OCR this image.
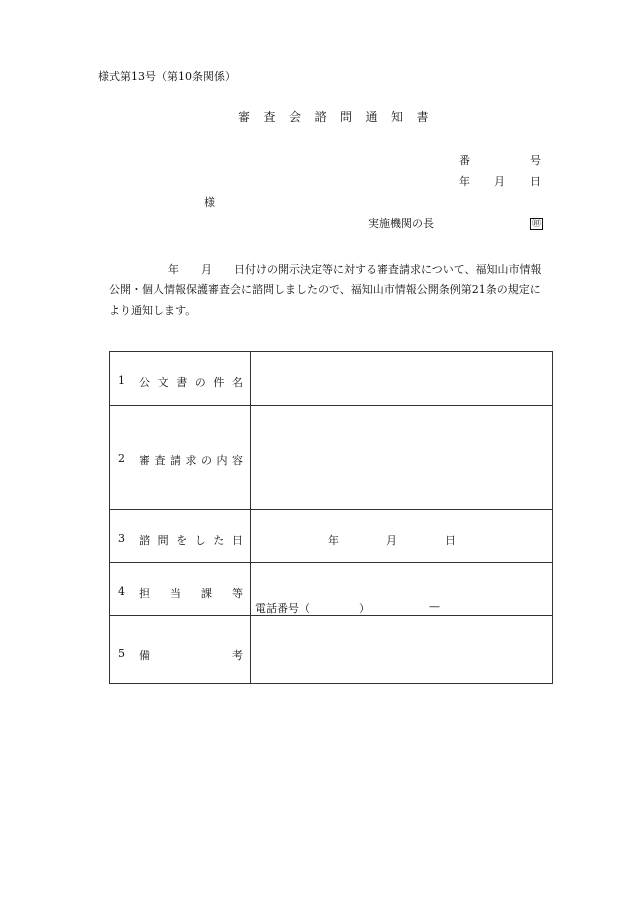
様式第13号（第10条関係）
審 査 会 諮 問 通 知 書
番	号
年 月 日
様
実施機関の長	㊞
年 月 日付けの開示決定等に対する審査請求について、福知山市情報
公開・個人情報保護審査会に諮問しましたので、福知山市情報公開条例第21条の規定に
より通知します。
1 公 文 書 の 件 名
2 審 査 請 求 の 内 容
3 諮 問 を し た 日	年	月	日
4 担 当 課 等
電話番号（	）	—
5 備	考
